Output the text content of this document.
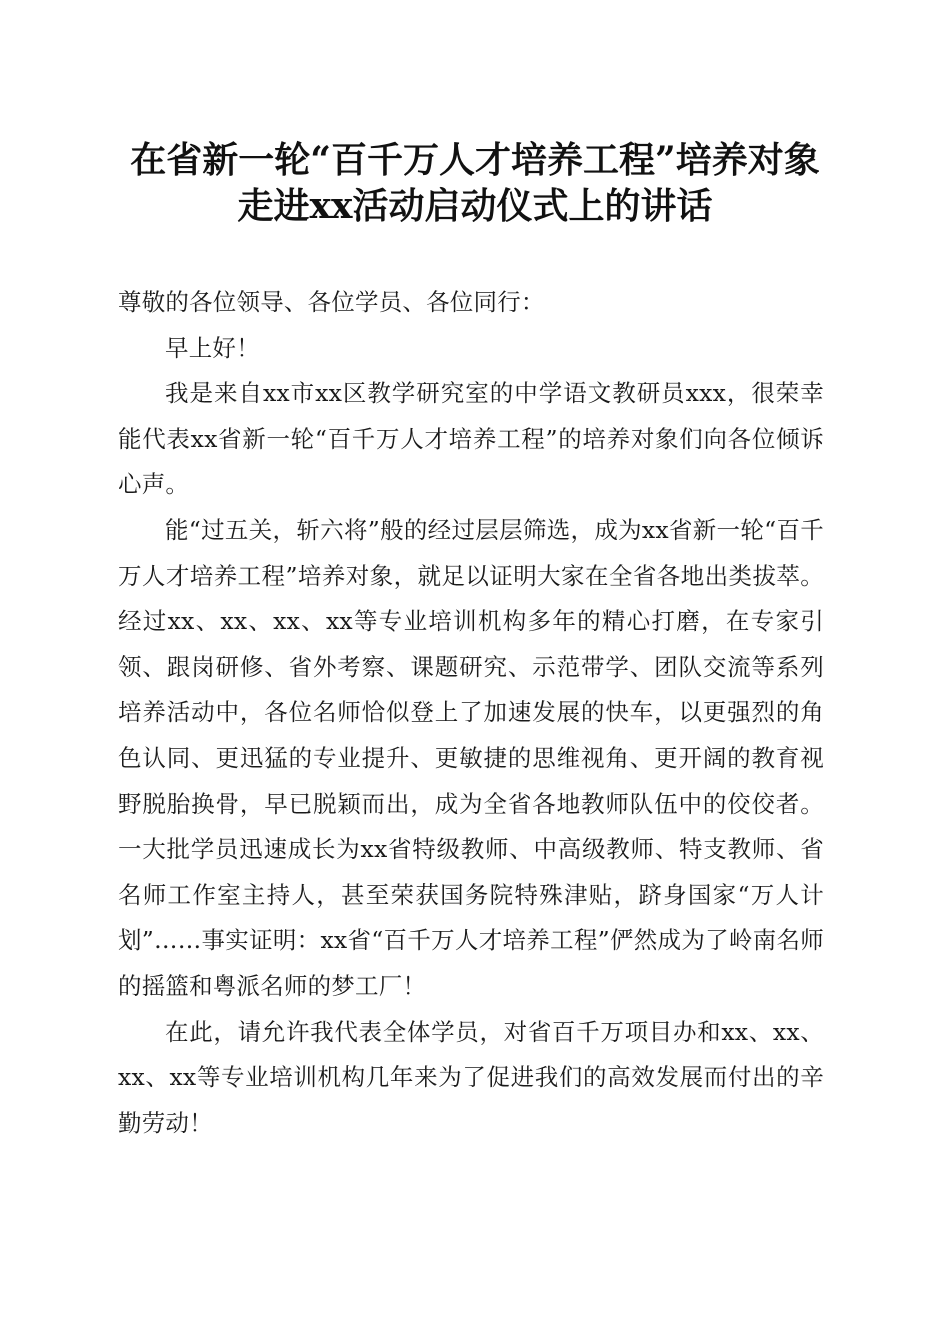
在省新一轮“百千万人才培养工程”培养对象
走进xx活动启动仪式上的讲话

尊敬的各位领导、各位学员、各位同行：

早上好！

我是来自xx市xx区教学研究室的中学语文教研员xxx，很荣幸能代表xx省新一轮“百千万人才培养工程”的培养对象们向各位倾诉心声。

能“过五关，斩六将”般的经过层层筛选，成为xx省新一轮“百千万人才培养工程”培养对象，就足以证明大家在全省各地出类拔萃。经过xx、xx、xx、xx等专业培训机构多年的精心打磨，在专家引领、跟岗研修、省外考察、课题研究、示范带学、团队交流等系列培养活动中，各位名师恰似登上了加速发展的快车，以更强烈的角色认同、更迅猛的专业提升、更敏捷的思维视角、更开阔的教育视野脱胎换骨，早已脱颖而出，成为全省各地教师队伍中的佼佼者。一大批学员迅速成长为xx省特级教师、中高级教师、特支教师、省名师工作室主持人，甚至荣获国务院特殊津贴，跻身国家“万人计划”……事实证明：xx省“百千万人才培养工程”俨然成为了岭南名师的摇篮和粤派名师的梦工厂！

在此，请允许我代表全体学员，对省百千万项目办和xx、xx、xx、xx等专业培训机构几年来为了促进我们的高效发展而付出的辛勤劳动！
